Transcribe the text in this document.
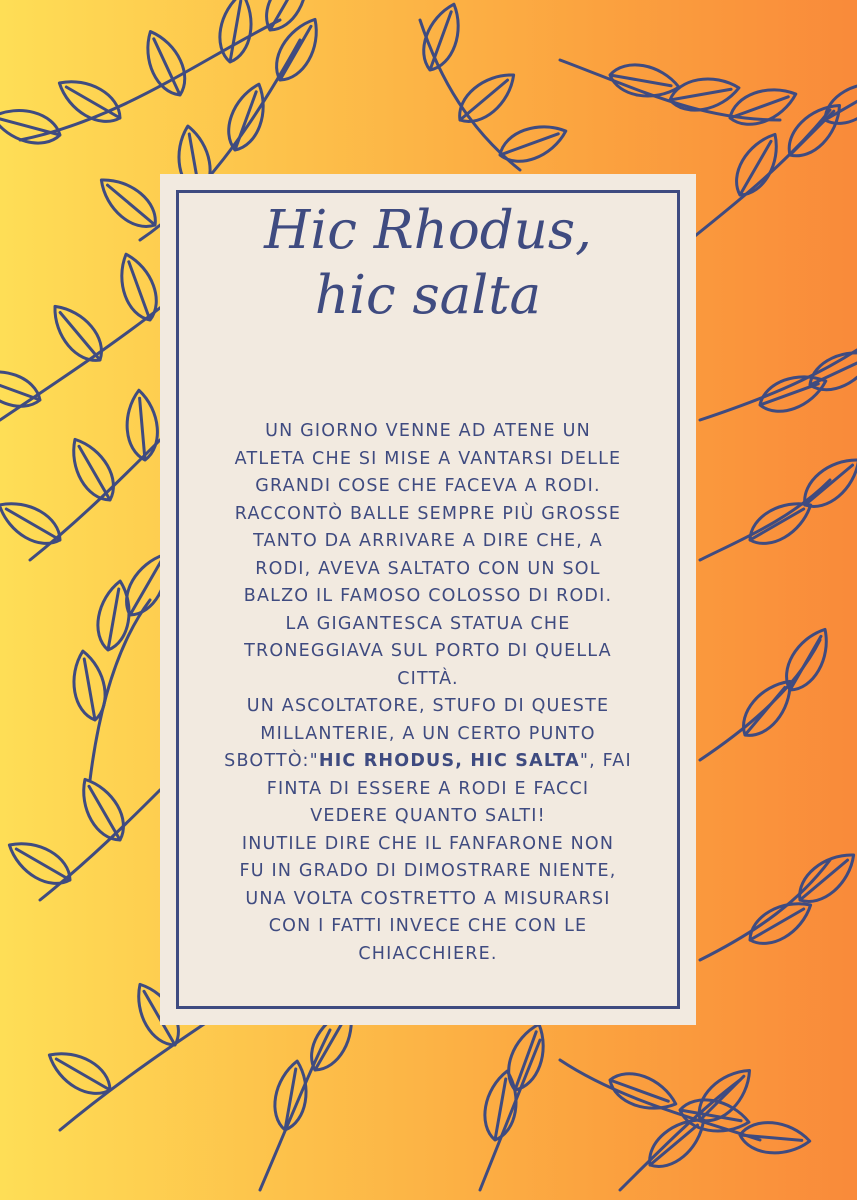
Hic Rhodus,
hic salta
UN GIORNO VENNE AD ATENE UN
ATLETA CHE SI MISE A VANTARSI DELLE
GRANDI COSE CHE FACEVA A RODI.
RACCONTÒ BALLE SEMPRE PIÙ GROSSE
TANTO DA ARRIVARE A DIRE CHE, A
RODI, AVEVA SALTATO CON UN SOL
BALZO IL FAMOSO COLOSSO DI RODI.
LA GIGANTESCA STATUA CHE
TRONEGGIAVA SUL PORTO DI QUELLA
CITTÀ.
UN ASCOLTATORE, STUFO DI QUESTE
MILLANTERIE, A UN CERTO PUNTO
SBOTTÒ:"HIC RHODUS, HIC SALTA", FAI
FINTA DI ESSERE A RODI E FACCI
VEDERE QUANTO SALTI!
INUTILE DIRE CHE IL FANFARONE NON
FU IN GRADO DI DIMOSTRARE NIENTE,
UNA VOLTA COSTRETTO A MISURARSI
CON I FATTI INVECE CHE CON LE
CHIACCHIERE.
